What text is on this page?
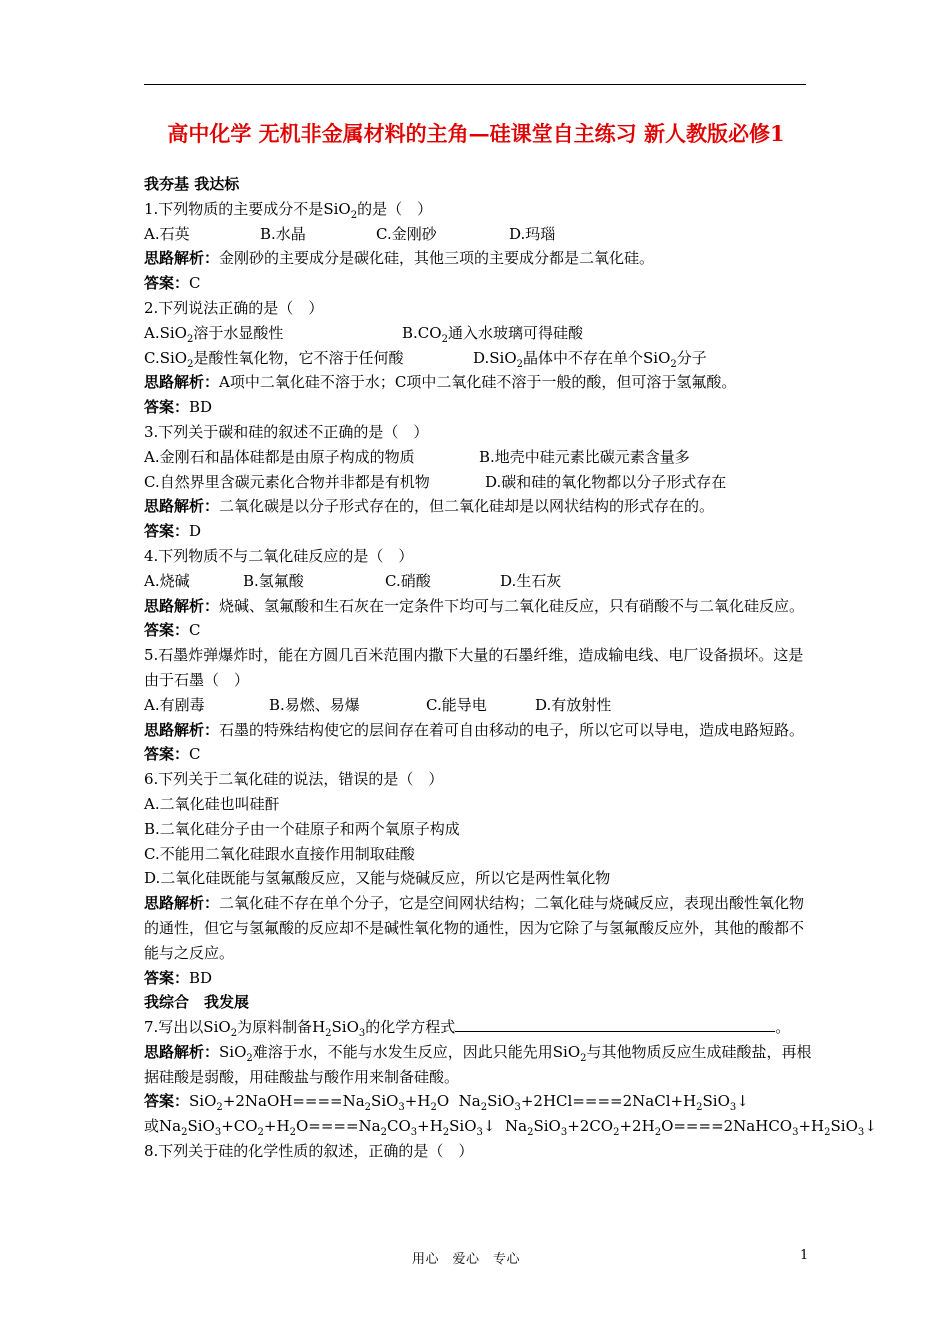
高中化学 无机非金属材料的主角—硅课堂自主练习 新人教版必修1
我夯基 我达标
1.下列物质的主要成分不是SiO$_2$的是（　）
A.石英	B.水晶	C.金刚砂	D.玛瑙
思路解析：金刚砂的主要成分是碳化硅，其他三项的主要成分都是二氧化硅。
答案：C
2.下列说法正确的是（　）
A.SiO$_2$溶于水显酸性	$B.CO_2$通入水玻璃可得硅酸
C.SiO$_2$是酸性氧化物，它不溶于任何酸	D.SiO$_2$晶体中不存在单个SiO$_2$分子
思路解析：A项中二氧化硅不溶于水；C项中二氧化硅不溶于一般的酸，但可溶于氢氟酸。
答案：BD
3.下列关于碳和硅的叙述不正确的是（　）
A.金刚石和晶体硅都是由原子构成的物质	B.地壳中硅元素比碳元素含量多
C.自然界里含碳元素化合物并非都是有机物	D.碳和硅的氧化物都以分子形式存在
思路解析：二氧化碳是以分子形式存在的，但二氧化硅却是以网状结构的形式存在的。
答案：D
4.下列物质不与二氧化硅反应的是（　）
A.烧碱	B.氢氟酸	C.硝酸	D.生石灰
思路解析：烧碱、氢氟酸和生石灰在一定条件下均可与二氧化硅反应，只有硝酸不与二氧化硅反应。
答案：C
5.石墨炸弹爆炸时，能在方圆几百米范围内撒下大量的石墨纤维，造成输电线、电厂设备损坏。这是由于石墨（　）
A.有剧毒	B.易燃、易爆	C.能导电	D.有放射性
思路解析：石墨的特殊结构使它的层间存在着可自由移动的电子，所以它可以导电，造成电路短路。
答案：C
6.下列关于二氧化硅的说法，错误的是（　）
A.二氧化硅也叫硅酐
B.二氧化硅分子由一个硅原子和两个氧原子构成
C.不能用二氧化硅跟水直接作用制取硅酸
D.二氧化硅既能与氢氟酸反应，又能与烧碱反应，所以它是两性氧化物
思路解析：二氧化硅不存在单个分子，它是空间网状结构；二氧化硅与烧碱反应，表现出酸性氧化物的通性，但它与氢氟酸的反应却不是碱性氧化物的通性，因为它除了与氢氟酸反应外，其他的酸都不能与之反应。
答案：BD
我综合　我发展
7.写出以SiO$_2$为原料制备$H_2SiO_3$的化学方程式	。
思路解析：SiO$_2$难溶于水，不能与水发生反应，因此只能先用SiO$_2$与其他物质反应生成硅酸盐，再根据硅酸是弱酸，用硅酸盐与酸作用来制备硅酸。
答案：$SiO_2+2NaOH====Na_2SiO_3+H_2O$  $Na_2SiO_3+2HCl====2NaCl+H_2SiO_3↓$
或$Na_2SiO_3+CO_2+H_2O====Na_2CO_3+H_2SiO_3↓$  $Na_2SiO_3+2CO_2+2H_2O====2NaHCO_3+H_2SiO_3↓$
8.下列关于硅的化学性质的叙述，正确的是（　）
用心　爱心　专心	1
